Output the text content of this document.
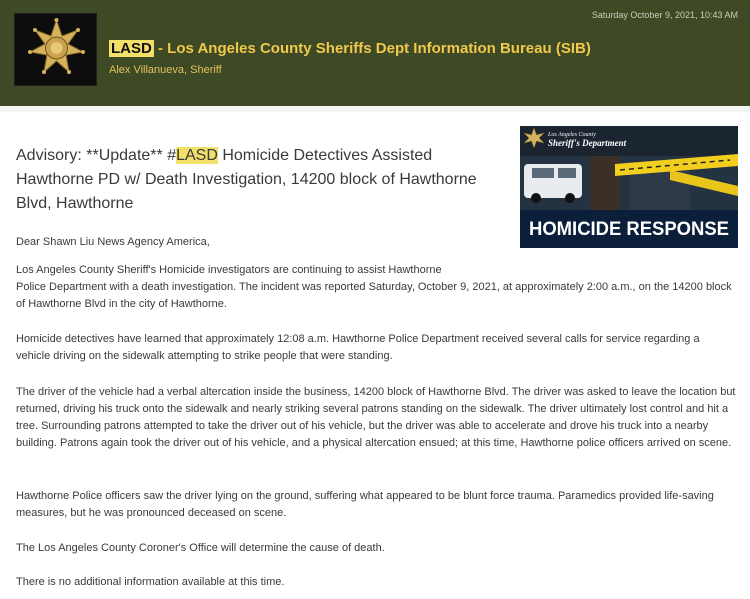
Saturday October 9, 2021, 10:43 AM
LASD - Los Angeles County Sheriffs Dept Information Bureau (SIB)
Alex Villanueva, Sheriff
Advisory: **Update** #LASD Homicide Detectives Assisted Hawthorne PD w/ Death Investigation, 14200 block of Hawthorne Blvd, Hawthorne
Los Angeles County
Sheriff's Department
HOMICIDE RESPONSE

Dear Shawn Liu News Agency America,

Los Angeles County Sheriff's Homicide investigators are continuing to assist Hawthorne
Police Department with a death investigation. The incident was reported Saturday, October 9, 2021, at approximately 2:00 a.m., on the 14200 block of Hawthorne Blvd in the city of Hawthorne.

Homicide detectives have learned that approximately 12:08 a.m. Hawthorne Police Department received several calls for service regarding a vehicle driving on the sidewalk attempting to strike people that were standing.

The driver of the vehicle had a verbal altercation inside the business, 14200 block of Hawthorne Blvd. The driver was asked to leave the location but returned, driving his truck onto the sidewalk and nearly striking several patrons standing on the sidewalk. The driver ultimately lost control and hit a tree. Surrounding patrons attempted to take the driver out of his vehicle, but the driver was able to accelerate and drove his truck into a nearby building. Patrons again took the driver out of his vehicle, and a physical altercation ensued; at this time, Hawthorne police officers arrived on scene.

Hawthorne Police officers saw the driver lying on the ground, suffering what appeared to be blunt force trauma. Paramedics provided life-saving measures, but he was pronounced deceased on scene.

The Los Angeles County Coroner's Office will determine the cause of death.

There is no additional information available at this time.
